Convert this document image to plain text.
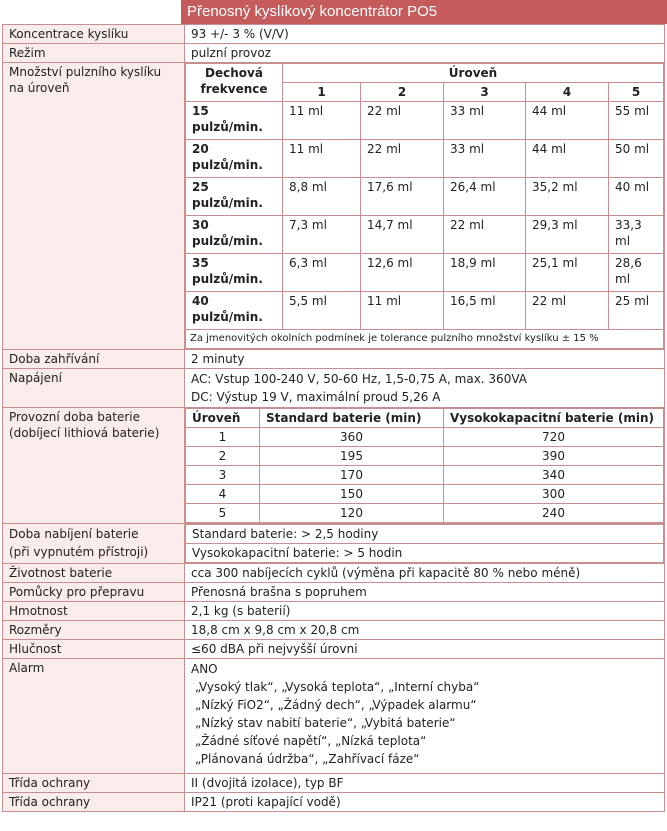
Přenosný kyslíkový koncentrátor PO5
Koncentrace kyslíku	93 +/- 3 % (V/V)
Režim	pulzní provoz
Množství pulzního kyslíku na úroveň	
Dechová frekvence	Úroveň
1	2	3	4	5
15 pulzů/min.	11 ml	22 ml	33 ml	44 ml	55 ml
20 pulzů/min.	11 ml	22 ml	33 ml	44 ml	50 ml
25 pulzů/min.	8,8 ml	17,6 ml	26,4 ml	35,2 ml	40 ml
30 pulzů/min.	7,3 ml	14,7 ml	22 ml	29,3 ml	33,3 ml
35 pulzů/min.	6,3 ml	12,6 ml	18,9 ml	25,1 ml	28,6 ml
40 pulzů/min.	5,5 ml	11 ml	16,5 ml	22 ml	25 ml
Za jmenovitých okolních podmínek je tolerance pulzního množství kyslíku ± 15 %

Doba zahřívání	2 minuty
Napájení	AC: Vstup 100-240 V, 50-60 Hz, 1,5-0,75 A, max. 360VA
DC: Výstup 19 V, maximální proud 5,26 A

Provozní doba baterie
(dobíjecí lithiová baterie)

Úroveň	Standard baterie (min)	Vysokokapacitní baterie (min)
1	360	720
2	195	390
3	170	340
4	150	300
5	120	240

Doba nabíjení baterie
(při vypnutém přístroji)

Standard baterie: > 2,5 hodiny
Vysokokapacitní baterie: > 5 hodin

Životnost baterie	cca 300 nabíjecích cyklů (výměna při kapacitě 80 % nebo méně)
Pomůcky pro přepravu	Přenosná brašna s popruhem
Hmotnost	2,1 kg (s baterií)
Rozměry	18,8 cm x 9,8 cm x 20,8 cm
Hlučnost	≤60 dBA při nejvyšší úrovni
Alarm	ANO
„Vysoký tlak“, „Vysoká teplota“, „Interní chyba“
„Nízký FiO2“, „Žádný dech“, „Výpadek alarmu“
„Nízký stav nabití baterie“, „Vybitá baterie“
„Žádné síťové napětí“, „Nízká teplota“
„Plánovaná údržba“, „Zahřívací fáze“

Třída ochrany	II (dvojitá izolace), typ BF
Třída ochrany	IP21 (proti kapající vodě)
